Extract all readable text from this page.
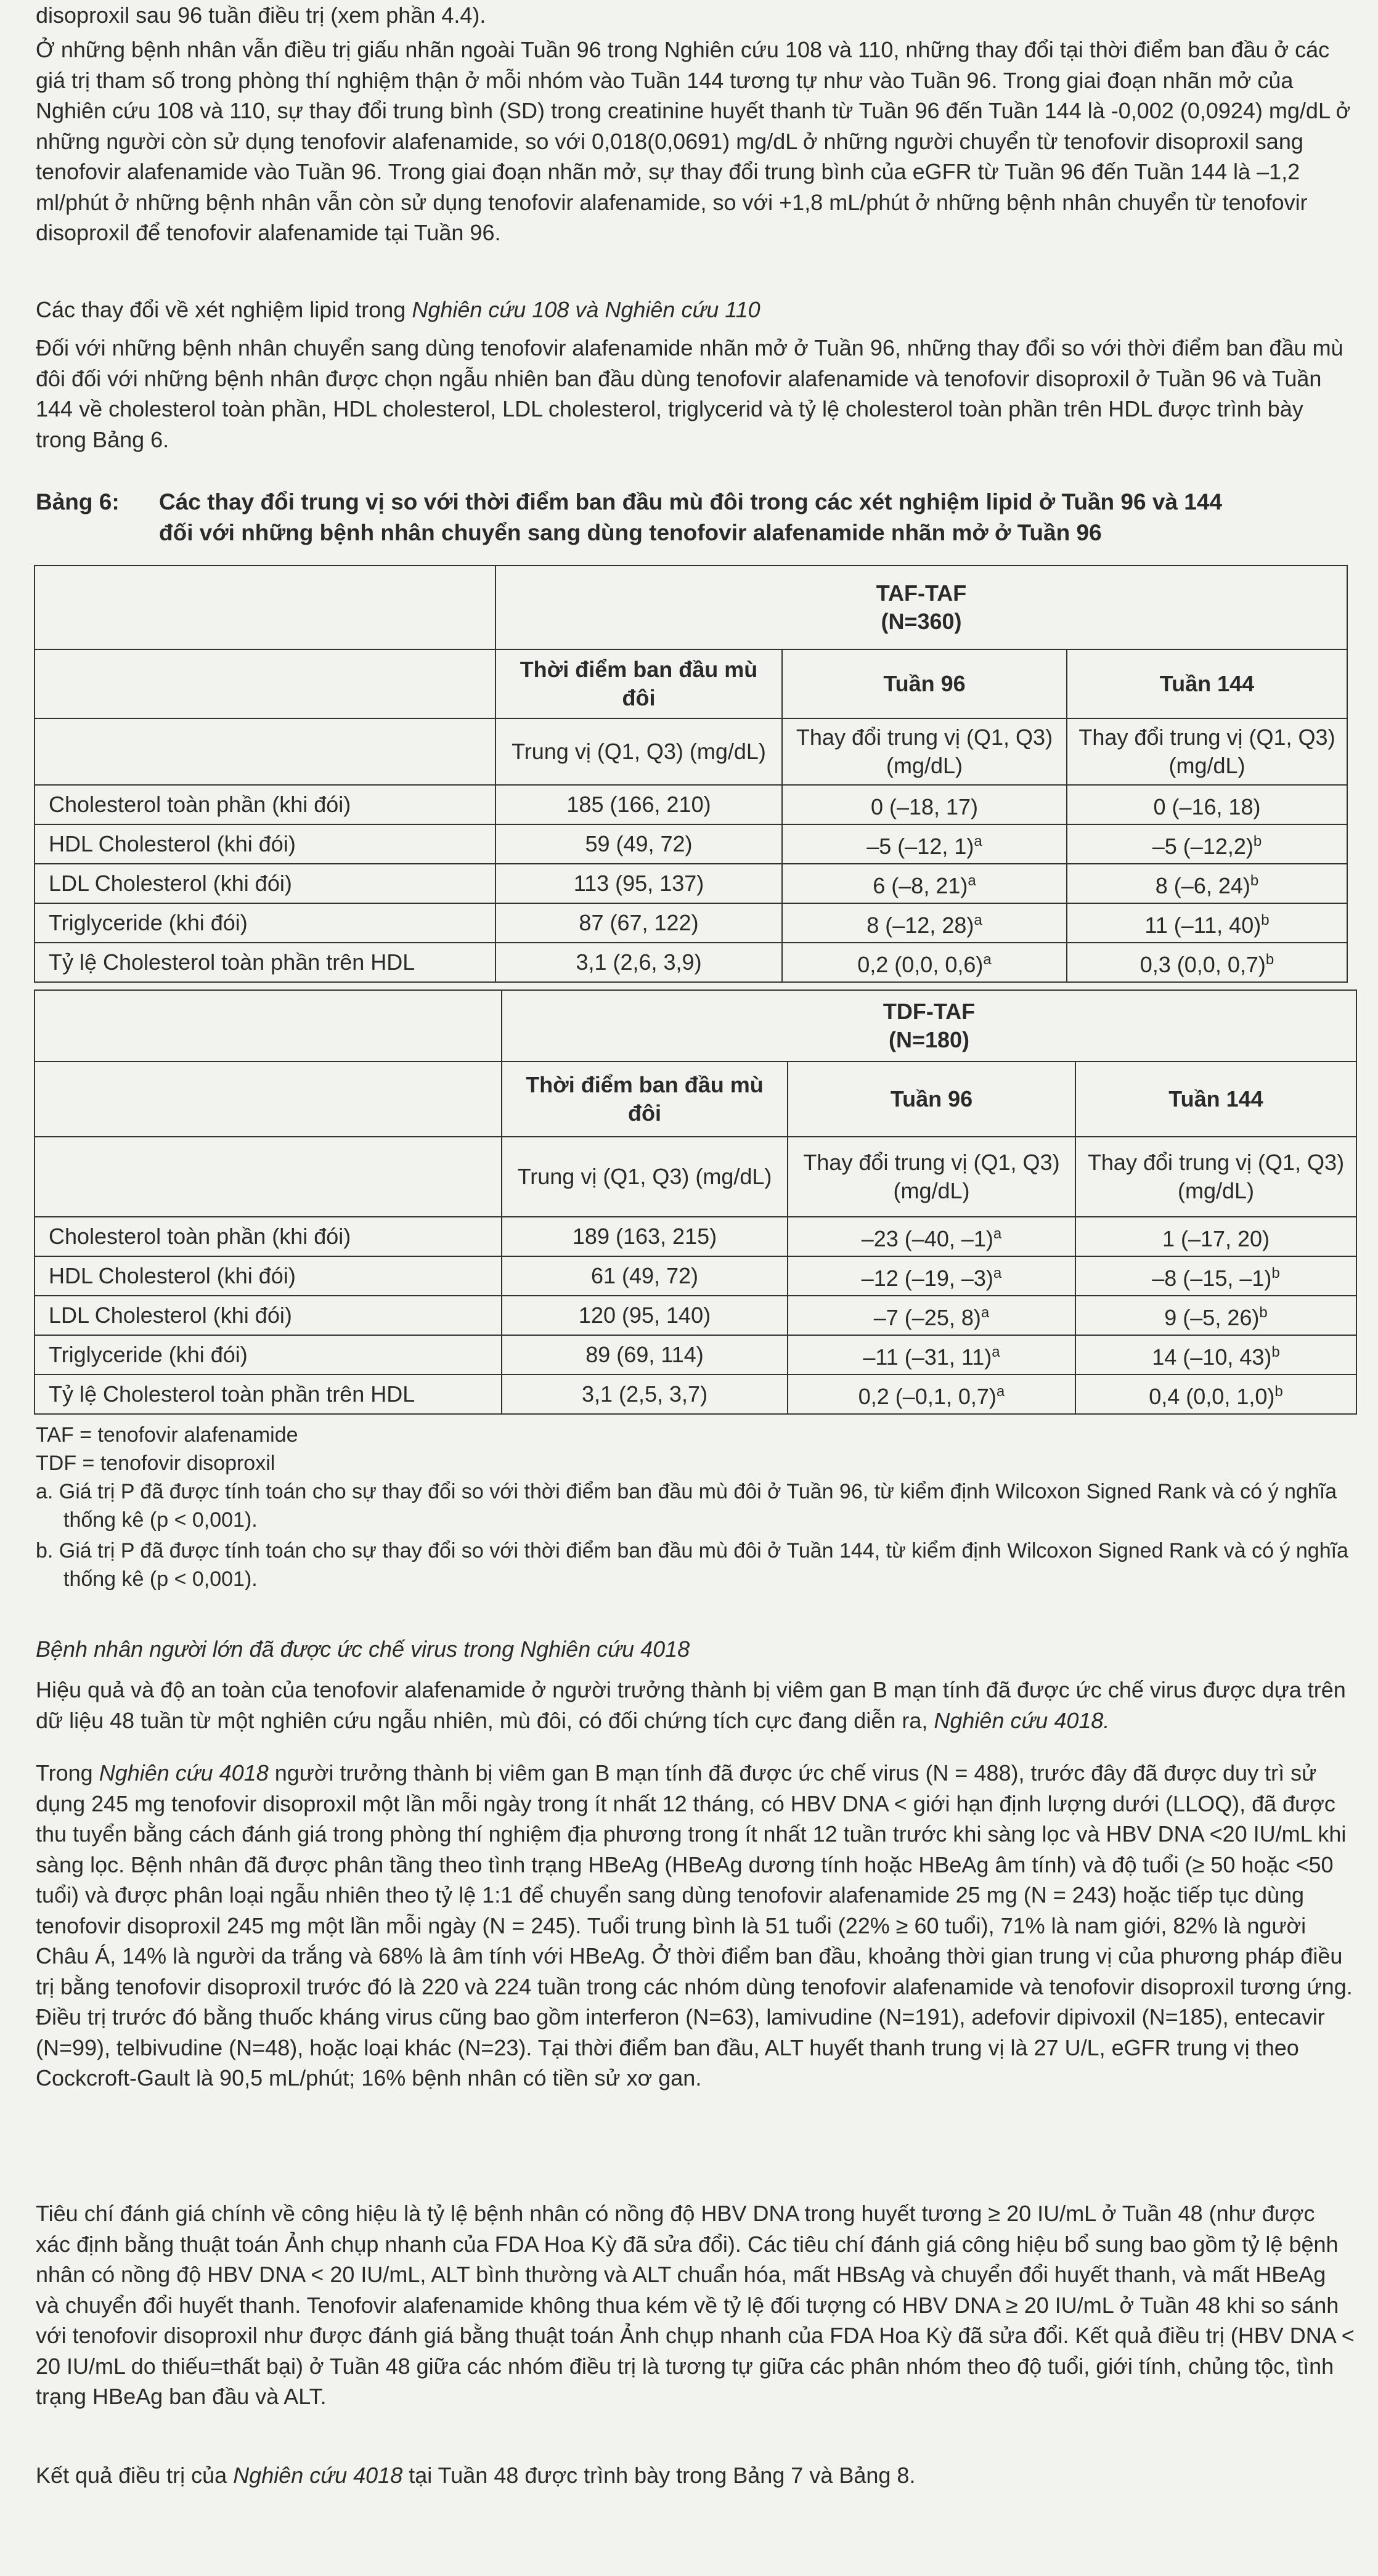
disoproxil sau 96 tuần điều trị (xem phần 4.4).

Ở những bệnh nhân vẫn điều trị giấu nhãn ngoài Tuần 96 trong Nghiên cứu 108 và 110, những thay đổi tại thời điểm ban đầu ở các giá trị tham số trong phòng thí nghiệm thận ở mỗi nhóm vào Tuần 144 tương tự như vào Tuần 96. Trong giai đoạn nhãn mở của Nghiên cứu 108 và 110, sự thay đổi trung bình (SD) trong creatinine huyết thanh từ Tuần 96 đến Tuần 144 là -0,002 (0,0924) mg/dL ở những người còn sử dụng tenofovir alafenamide, so với 0,018(0,0691) mg/dL ở những người chuyển từ tenofovir disoproxil sang tenofovir alafenamide vào Tuần 96. Trong giai đoạn nhãn mở, sự thay đổi trung bình của eGFR từ Tuần 96 đến Tuần 144 là –1,2 ml/phút ở những bệnh nhân vẫn còn sử dụng tenofovir alafenamide, so với +1,8 mL/phút ở những bệnh nhân chuyển từ tenofovir disoproxil để tenofovir alafenamide tại Tuần 96.

Các thay đổi về xét nghiệm lipid trong Nghiên cứu 108 và Nghiên cứu 110

Đối với những bệnh nhân chuyển sang dùng tenofovir alafenamide nhãn mở ở Tuần 96, những thay đổi so với thời điểm ban đầu mù đôi đối với những bệnh nhân được chọn ngẫu nhiên ban đầu dùng tenofovir alafenamide và tenofovir disoproxil ở Tuần 96 và Tuần 144 về cholesterol toàn phần, HDL cholesterol, LDL cholesterol, triglycerid và tỷ lệ cholesterol toàn phần trên HDL được trình bày trong Bảng 6.

Bảng 6: Các thay đổi trung vị so với thời điểm ban đầu mù đôi trong các xét nghiệm lipid ở Tuần 96 và 144
đối với những bệnh nhân chuyển sang dùng tenofovir alafenamide nhãn mở ở Tuần 96

	TAF-TAF
(N=360)		

	Thời điểm ban đầu mù đôi	Tuần 96	Tuần 144
	Trung vị (Q1, Q3) (mg/dL)	Thay đổi trung vị (Q1, Q3) (mg/dL)	Thay đổi trung vị (Q1, Q3) (mg/dL)
Cholesterol toàn phần (khi đói)	185 (166, 210)	0 (–18, 17)	0 (–16, 18)
HDL Cholesterol (khi đói)	59 (49, 72)	–5 (–12, 1)$^a$	–5 $(-12,2)^b$
LDL Cholesterol (khi đói)	113 (95, 137)	6 (–8, 21)$^a$	8 (–6, 24)$^b$
Triglyceride (khi đói)	87 (67, 122)	8 (–12, 28)$^a$	11 (–11, 40)$^b$
Tỷ lệ Cholesterol toàn phần trên HDL	3,1 (2,6, 3,9)	0,2 (0,0, 0,6)$^a$	0,3 (0,0, 0,7)$^b$

	TDF-TAF
(N=180)		

	Thời điểm ban đầu mù đôi	Tuần 96	Tuần 144
	Trung vị (Q1, Q3) (mg/dL)	Thay đổi trung vị (Q1, Q3) (mg/dL)	Thay đổi trung vị (Q1, Q3) (mg/dL)
Cholesterol toàn phần (khi đói)	189 (163, 215)	–23 (–40, –1)$^a$	1 (–17, 20)
HDL Cholesterol (khi đói)	61 (49, 72)	–12 (–19, –3)$^a$	–8 (–15, –1)$^b$
LDL Cholesterol (khi đói)	120 (95, 140)	–7 (–25, 8)$^a$	9 (–5, 26)$^b$
Triglyceride (khi đói)	89 (69, 114)	–11 (–31, 11)$^a$	14 (–10, 43)$^b$
Tỷ lệ Cholesterol toàn phần trên HDL	3,1 (2,5, 3,7)	0,2 (–0,1, 0,7)$^a$	0,4 (0,0, 1,0)$^b$

TAF = tenofovir alafenamide

TDF = tenofovir disoproxil

a. Giá trị P đã được tính toán cho sự thay đổi so với thời điểm ban đầu mù đôi ở Tuần 96, từ kiểm định Wilcoxon Signed Rank và có ý nghĩa thống kê (p < 0,001).

b. Giá trị P đã được tính toán cho sự thay đổi so với thời điểm ban đầu mù đôi ở Tuần 144, từ kiểm định Wilcoxon Signed Rank và có ý nghĩa thống kê (p < 0,001).

Bệnh nhân người lớn đã được ức chế virus trong Nghiên cứu 4018

Hiệu quả và độ an toàn của tenofovir alafenamide ở người trưởng thành bị viêm gan B mạn tính đã được ức chế virus được dựa trên dữ liệu 48 tuần từ một nghiên cứu ngẫu nhiên, mù đôi, có đối chứng tích cực đang diễn ra, Nghiên cứu 4018.

Trong Nghiên cứu 4018 người trưởng thành bị viêm gan B mạn tính đã được ức chế virus (N = 488), trước đây đã được duy trì sử dụng 245 mg tenofovir disoproxil một lần mỗi ngày trong ít nhất 12 tháng, có HBV DNA < giới hạn định lượng dưới (LLOQ), đã được thu tuyển bằng cách đánh giá trong phòng thí nghiệm địa phương trong ít nhất 12 tuần trước khi sàng lọc và HBV DNA <20 IU/mL khi sàng lọc. Bệnh nhân đã được phân tầng theo tình trạng HBeAg (HBeAg dương tính hoặc HBeAg âm tính) và độ tuổi (≥ 50 hoặc <50 tuổi) và được phân loại ngẫu nhiên theo tỷ lệ 1:1 để chuyển sang dùng tenofovir alafenamide 25 mg (N = 243) hoặc tiếp tục dùng tenofovir disoproxil 245 mg một lần mỗi ngày (N = 245). Tuổi trung bình là 51 tuổi (22% ≥ 60 tuổi), 71% là nam giới, 82% là người Châu Á, 14% là người da trắng và 68% là âm tính với HBeAg. Ở thời điểm ban đầu, khoảng thời gian trung vị của phương pháp điều trị bằng tenofovir disoproxil trước đó là 220 và 224 tuần trong các nhóm dùng tenofovir alafenamide và tenofovir disoproxil tương ứng. Điều trị trước đó bằng thuốc kháng virus cũng bao gồm interferon (N=63), lamivudine (N=191), adefovir dipivoxil (N=185), entecavir (N=99), telbivudine (N=48), hoặc loại khác (N=23). Tại thời điểm ban đầu, ALT huyết thanh trung vị là 27 U/L, eGFR trung vị theo Cockcroft-Gault là 90,5 mL/phút; 16% bệnh nhân có tiền sử xơ gan.

Tiêu chí đánh giá chính về công hiệu là tỷ lệ bệnh nhân có nồng độ HBV DNA trong huyết tương ≥ 20 IU/mL ở Tuần 48 (như được xác định bằng thuật toán Ảnh chụp nhanh của FDA Hoa Kỳ đã sửa đổi). Các tiêu chí đánh giá công hiệu bổ sung bao gồm tỷ lệ bệnh nhân có nồng độ HBV DNA < 20 IU/mL, ALT bình thường và ALT chuẩn hóa, mất HBsAg và chuyển đổi huyết thanh, và mất HBeAg và chuyển đổi huyết thanh. Tenofovir alafenamide không thua kém về tỷ lệ đối tượng có HBV DNA ≥ 20 IU/mL ở Tuần 48 khi so sánh với tenofovir disoproxil như được đánh giá bằng thuật toán Ảnh chụp nhanh của FDA Hoa Kỳ đã sửa đổi. Kết quả điều trị (HBV DNA < 20 IU/mL do thiếu=thất bại) ở Tuần 48 giữa các nhóm điều trị là tương tự giữa các phân nhóm theo độ tuổi, giới tính, chủng tộc, tình trạng HBeAg ban đầu và ALT.

Kết quả điều trị của Nghiên cứu 4018 tại Tuần 48 được trình bày trong Bảng 7 và Bảng 8.
